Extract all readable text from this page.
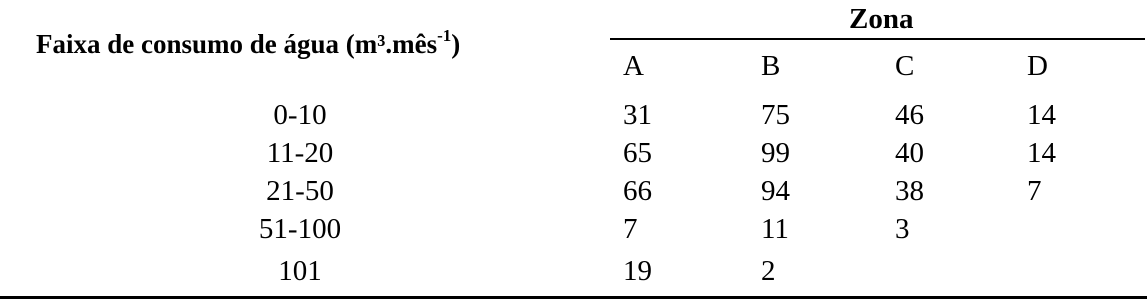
Faixa de consumo de água (m³.mês$^{-1}$)
Zona
A	B	C	D
0-10	31	75	46	14
11-20	65	99	40	14
21-50	66	94	38	7
51-100	7	11	3
101	19	2
